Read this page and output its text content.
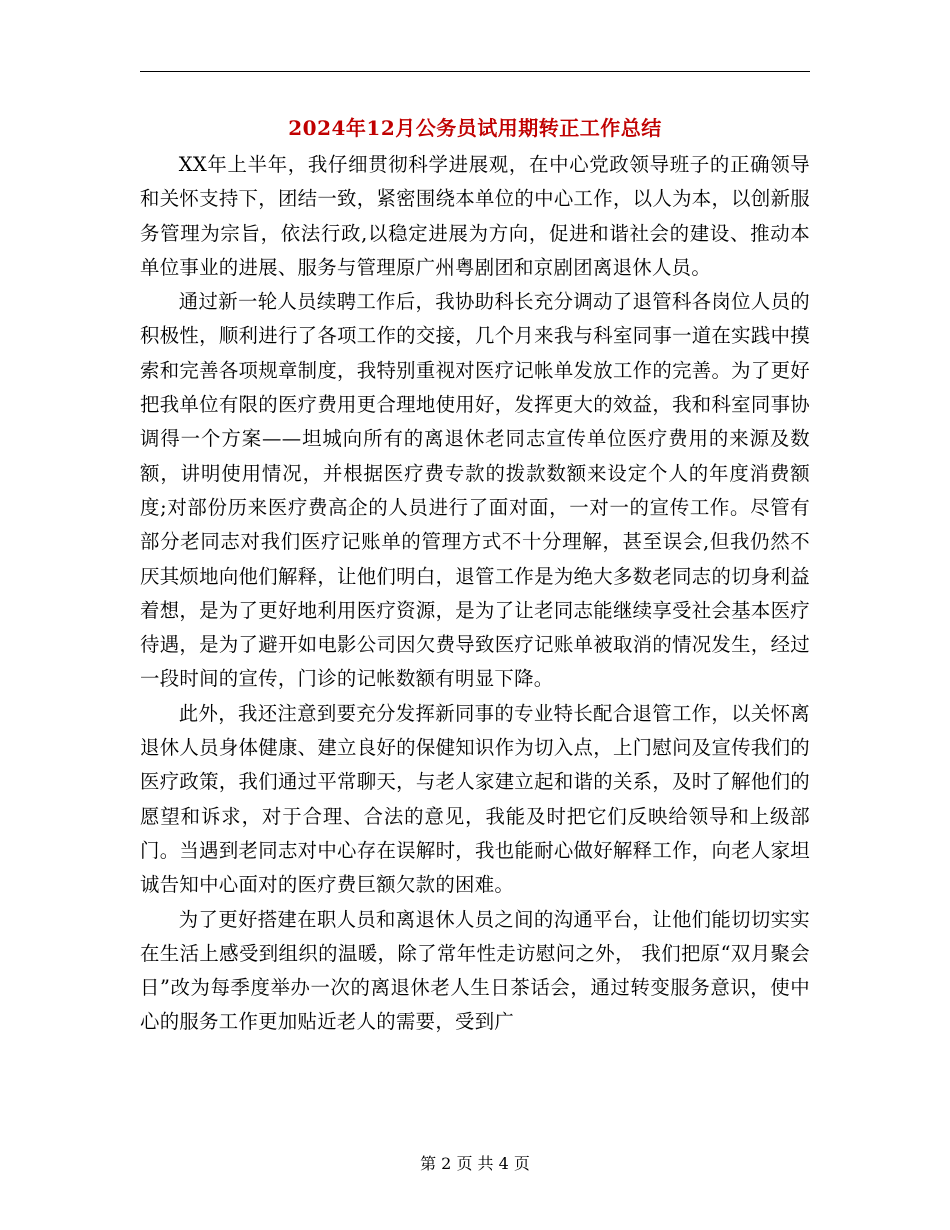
2024年12月公务员试用期转正工作总结

XX年上半年，我仔细贯彻科学进展观，在中心党政领导班子的正确领导和关怀支持下，团结一致，紧密围绕本单位的中心工作，以人为本，以创新服务管理为宗旨，依法行政,以稳定进展为方向，促进和谐社会的建设、推动本单位事业的进展、服务与管理原广州粤剧团和京剧团离退休人员。

通过新一轮人员续聘工作后，我协助科长充分调动了退管科各岗位人员的积极性，顺利进行了各项工作的交接，几个月来我与科室同事一道在实践中摸索和完善各项规章制度，我特别重视对医疗记帐单发放工作的完善。为了更好把我单位有限的医疗费用更合理地使用好，发挥更大的效益，我和科室同事协调得一个方案——坦城向所有的离退休老同志宣传单位医疗费用的来源及数额，讲明使用情况，并根据医疗费专款的拨款数额来设定个人的年度消费额度;对部份历来医疗费高企的人员进行了面对面，一对一的宣传工作。尽管有部分老同志对我们医疗记账单的管理方式不十分理解，甚至误会,但我仍然不厌其烦地向他们解释，让他们明白，退管工作是为绝大多数老同志的切身利益着想，是为了更好地利用医疗资源，是为了让老同志能继续享受社会基本医疗待遇，是为了避开如电影公司因欠费导致医疗记账单被取消的情况发生，经过一段时间的宣传，门诊的记帐数额有明显下降。

此外，我还注意到要充分发挥新同事的专业特长配合退管工作，以关怀离退休人员身体健康、建立良好的保健知识作为切入点，上门慰问及宣传我们的医疗政策，我们通过平常聊天，与老人家建立起和谐的关系，及时了解他们的愿望和诉求，对于合理、合法的意见，我能及时把它们反映给领导和上级部门。当遇到老同志对中心存在误解时，我也能耐心做好解释工作，向老人家坦诚告知中心面对的医疗费巨额欠款的困难。

为了更好搭建在职人员和离退休人员之间的沟通平台，让他们能切切实实在生活上感受到组织的温暖，除了常年性走访慰问之外， 我们把原“双月聚会日”改为每季度举办一次的离退休老人生日茶话会，通过转变服务意识，使中心的服务工作更加贴近老人的需要，受到广

第 2 页 共 4 页
